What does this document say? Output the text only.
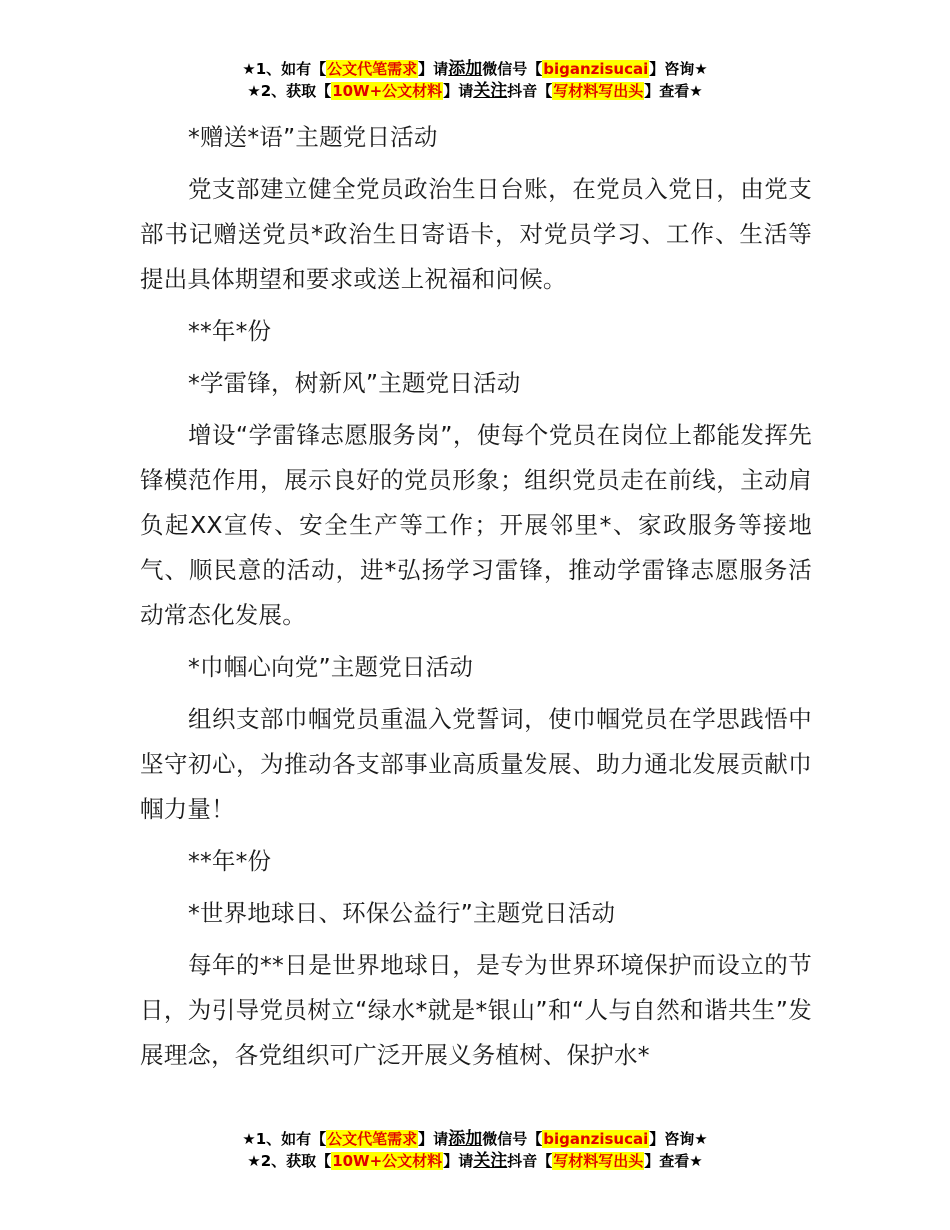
★1、如有【公文代笔需求】请添加微信号【biganzisucai】咨询★
★2、获取【10W+公文材料】请关注抖音【写材料写出头】查看★

*赠送*语”主题党日活动

党支部建立健全党员政治生日台账，在党员入党日，由党支部书记赠送党员*政治生日寄语卡，对党员学习、工作、生活等提出具体期望和要求或送上祝福和问候。

**年*份

*学雷锋，树新风”主题党日活动

增设“学雷锋志愿服务岗”，使每个党员在岗位上都能发挥先锋模范作用，展示良好的党员形象；组织党员走在前线，主动肩负起XX宣传、安全生产等工作；开展邻里*、家政服务等接地气、顺民意的活动，进*弘扬学习雷锋，推动学雷锋志愿服务活动常态化发展。

*巾帼心向党”主题党日活动

组织支部巾帼党员重温入党誓词，使巾帼党员在学思践悟中坚守初心，为推动各支部事业高质量发展、助力通北发展贡献巾帼力量！

**年*份

*世界地球日、环保公益行”主题党日活动

每年的**日是世界地球日，是专为世界环境保护而设立的节日，为引导党员树立“绿水*就是*银山”和“人与自然和谐共生”发展理念，各党组织可广泛开展义务植树、保护水*

★1、如有【公文代笔需求】请添加微信号【biganzisucai】咨询★
★2、获取【10W+公文材料】请关注抖音【写材料写出头】查看★
